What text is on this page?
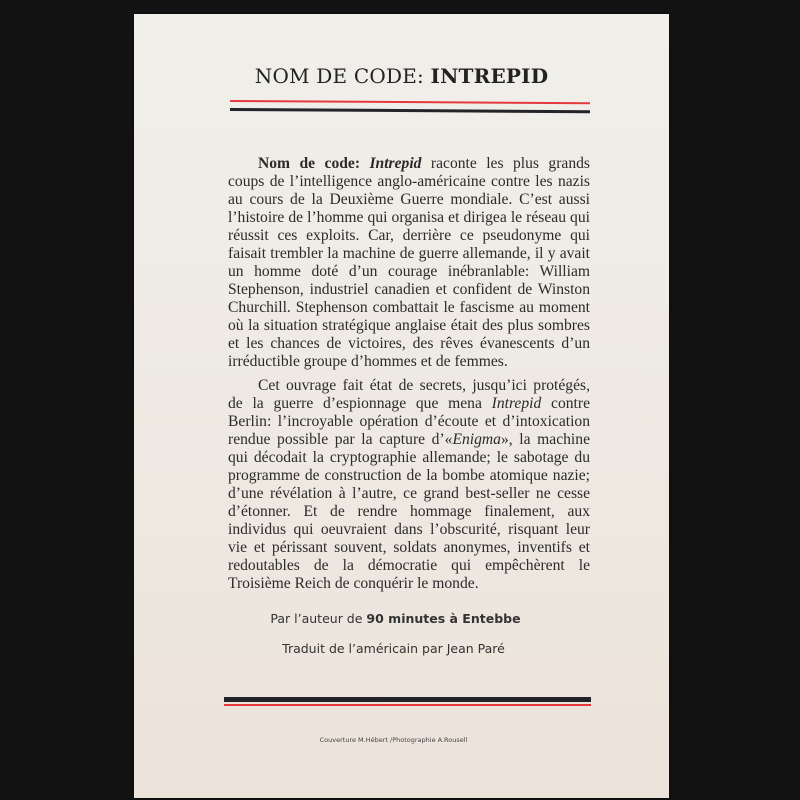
NOM DE CODE: INTREPID

Nom de code: Intrepid raconte les plus grands coups de l’intelligence anglo-américaine contre les nazis au cours de la Deuxième Guerre mondiale. C’est aussi l’histoire de l’homme qui organisa et dirigea le réseau qui réussit ces exploits. Car, derrière ce pseudonyme qui faisait trembler la machine de guerre allemande, il y avait un homme doté d’un courage inébranlable: William Stephenson, industriel canadien et confident de Winston Churchill. Stephenson combattait le fascisme au moment où la situation stratégique anglaise était des plus sombres et les chances de victoires, des rêves évanescents d’un irréductible groupe d’hommes et de femmes.

Cet ouvrage fait état de secrets, jusqu’ici protégés, de la guerre d’espionnage que mena Intrepid contre Berlin: l’incroyable opération d’écoute et d’intoxication rendue possible par la capture d’«Enigma», la machine qui décodait la cryptographie allemande; le sabotage du programme de construction de la bombe atomique nazie; d’une révélation à l’autre, ce grand best-seller ne cesse d’étonner. Et de rendre hommage finalement, aux individus qui oeuvraient dans l’obscurité, risquant leur vie et périssant souvent, soldats anonymes, inventifs et redoutables de la démocratie qui empêchèrent le Troisième Reich de conquérir le monde.

Par l’auteur de 90 minutes à Entebbe
Traduit de l’américain par Jean Paré
Couverture M.Hébert /Photographie A.Rousell
